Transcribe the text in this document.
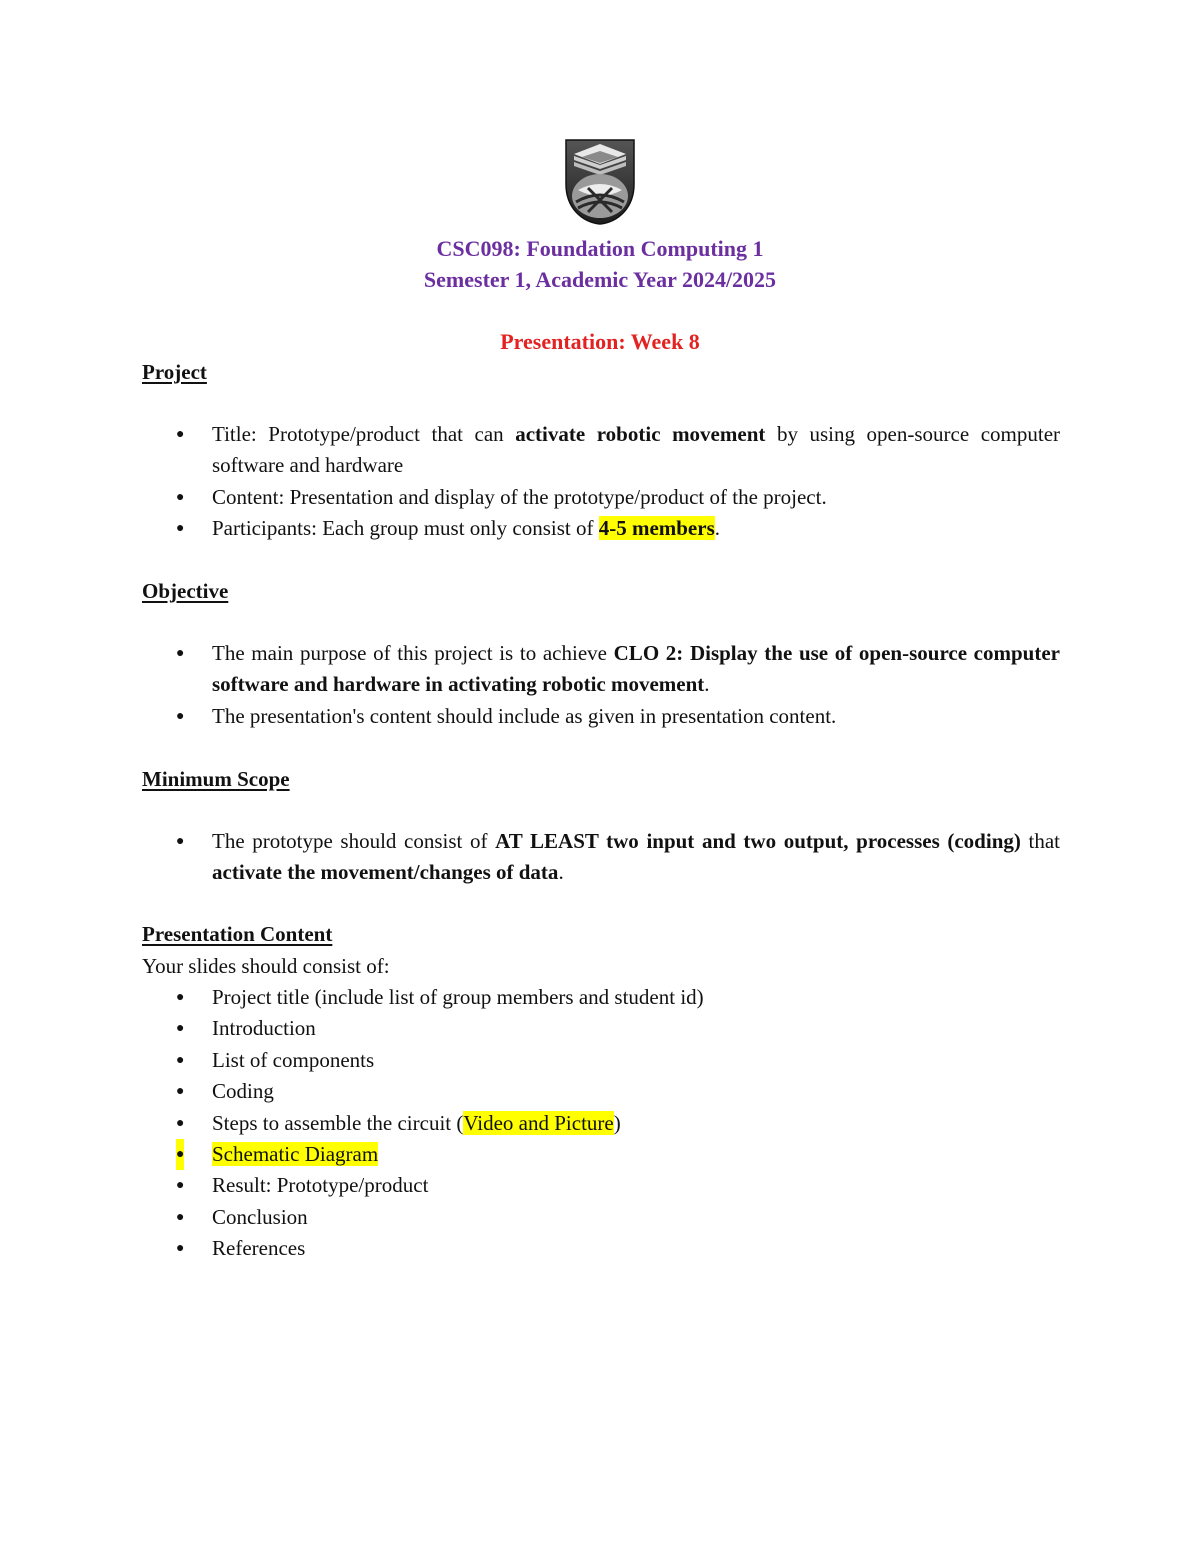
CSC098: Foundation Computing 1
Semester 1, Academic Year 2024/2025
Presentation: Week 8
Project
● Title: Prototype/product that can activate robotic movement by using open-source computer software and hardware
● Content: Presentation and display of the prototype/product of the project.
● Participants: Each group must only consist of 4-5 members.
Objective
● The main purpose of this project is to achieve CLO 2: Display the use of open-source computer software and hardware in activating robotic movement.
● The presentation's content should include as given in presentation content.
Minimum Scope
● The prototype should consist of AT LEAST two input and two output, processes (coding) that activate the movement/changes of data.
Presentation Content
Your slides should consist of:
● Project title (include list of group members and student id)
● Introduction
● List of components
● Coding
● Steps to assemble the circuit (Video and Picture)
● Schematic Diagram
● Result: Prototype/product
● Conclusion
● References
